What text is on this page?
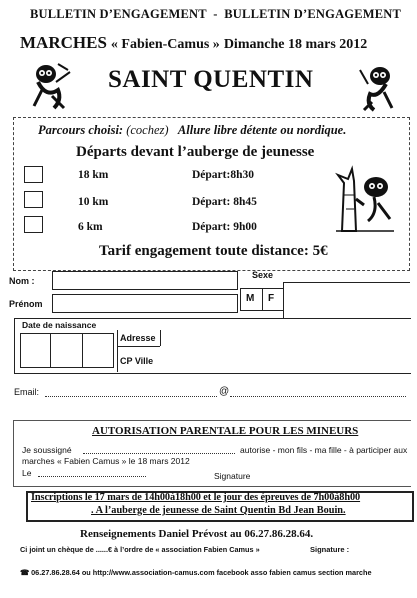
BULLETIN D’ENGAGEMENT - BULLETIN D’ENGAGEMENT
MARCHES « Fabien-Camus » Dimanche 18 mars 2012
SAINT QUENTIN
Parcours choisi: (cochez) Allure libre détente ou nordique.
Départs devant l’auberge de jeunesse
18 km	Départ:8h30
10 km	Départ: 8h45
6 km	Départ: 9h00
Tarif engagement toute distance: 5€
Nom :
Sexe
Prénom	M F
Date de naissance
Adresse
CP Ville
Email:	@
AUTORISATION PARENTALE POUR LES MINEURS
Je soussigné	autorise - mon fils - ma fille - à participer aux
marches « Fabien Camus » le 18 mars 2012
Le	Signature
Inscriptions le 17 mars de 14h00à18h00 et le jour des épreuves de 7h00à8h00
. A l’auberge de jeunesse de Saint Quentin Bd Jean Bouin.
Renseignements Daniel Prévost au 06.27.86.28.64.
Ci joint un chèque de ......€ à l’ordre de « association Fabien Camus »	Signature :
☎ 06.27.86.28.64 ou http://www.association-camus.com facebook asso fabien camus section marche
